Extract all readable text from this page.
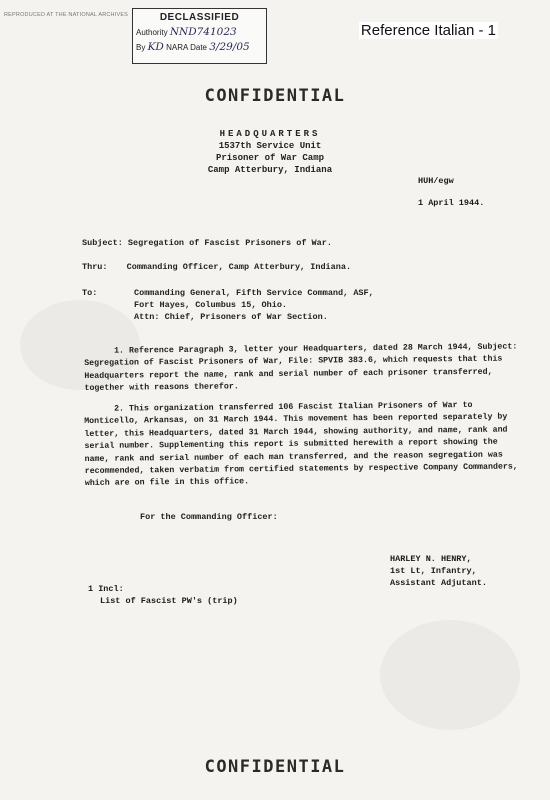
REPRODUCED AT THE NATIONAL ARCHIVES	DECLASSIFIED
Authority NND741023
By KD NARA Date 3/29/05
Reference Italian - 1
CONFIDENTIAL
HEADQUARTERS
1537th Service Unit
Prisoner of War Camp
Camp Atterbury, Indiana
HUH/egw
1 April 1944.
Subject: Segregation of Fascist Prisoners of War.
Thru: Commanding Officer, Camp Atterbury, Indiana.
To:	Commanding General, Fifth Service Command, ASF,
Fort Hayes, Columbus 15, Ohio.
Attn: Chief, Prisoners of War Section.
1. Reference Paragraph 3, letter your Headquarters, dated 28 March 1944, Subject: Segregation of Fascist Prisoners of War, File: SPVIB 383.6, which requests that this Headquarters report the name, rank and serial number of each prisoner transferred, together with reasons therefor.
2. This organization transferred 106 Fascist Italian Prisoners of War to Monticello, Arkansas, on 31 March 1944. This movement has been reported separately by letter, this Headquarters, dated 31 March 1944, showing authority, and name, rank and serial number. Supplementing this report is submitted herewith a report showing the name, rank and serial number of each man transferred, and the reason segregation was recommended, taken verbatim from certified statements by respective Company Commanders, which are on file in this office.
For the Commanding Officer:
HARLEY N. HENRY,
1st Lt, Infantry,
Assistant Adjutant.
1 Incl:
List of Fascist PW's (trip)
CONFIDENTIAL
